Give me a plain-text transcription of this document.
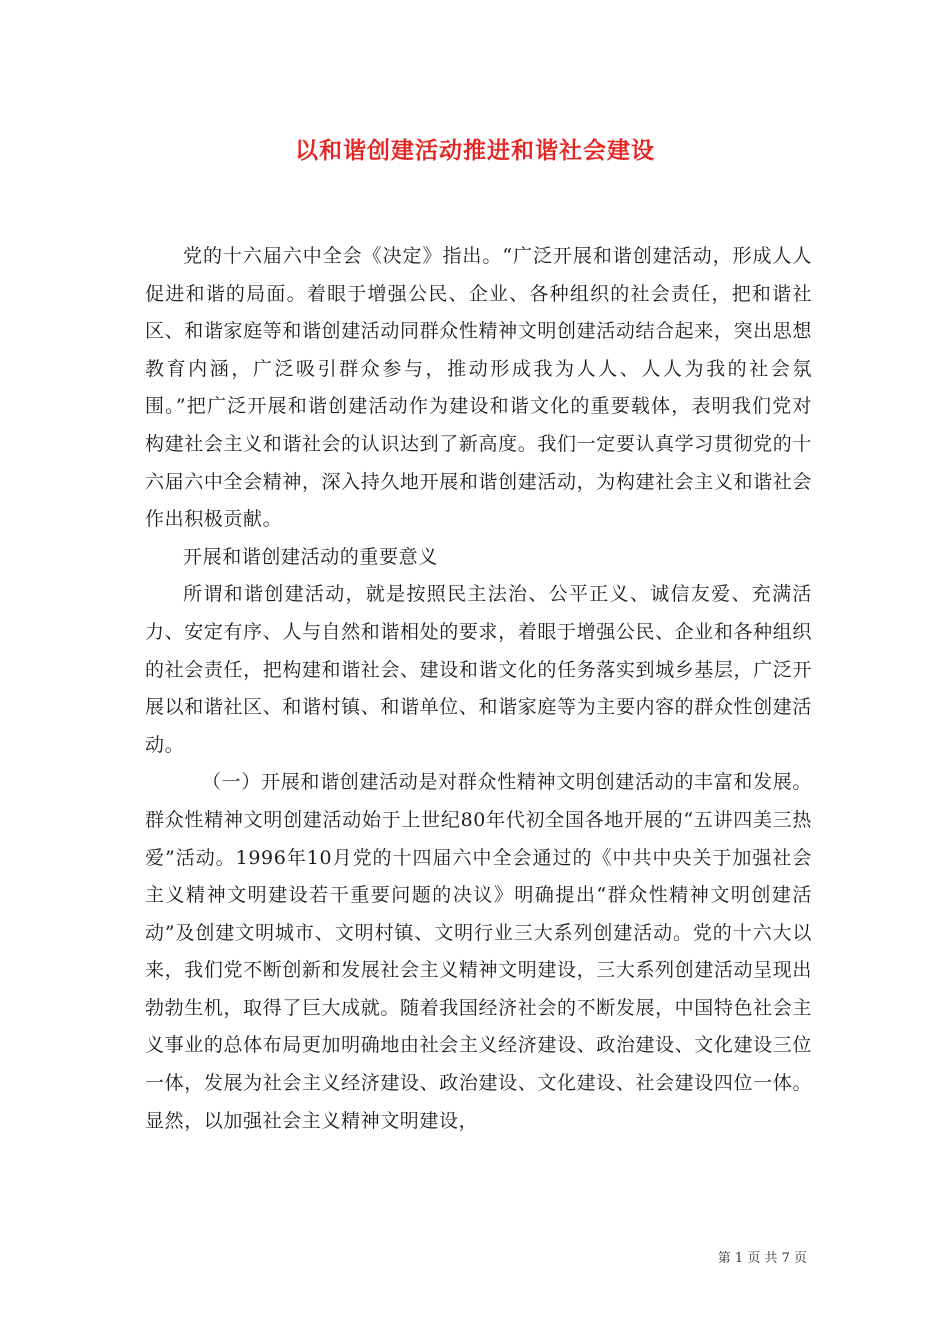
以和谐创建活动推进和谐社会建设

党的十六届六中全会《决定》指出。“广泛开展和谐创建活动，形成人人促进和谐的局面。着眼于增强公民、企业、各种组织的社会责任，把和谐社区、和谐家庭等和谐创建活动同群众性精神文明创建活动结合起来，突出思想教育内涵，广泛吸引群众参与，推动形成我为人人、人人为我的社会氛围。”把广泛开展和谐创建活动作为建设和谐文化的重要载体，表明我们党对构建社会主义和谐社会的认识达到了新高度。我们一定要认真学习贯彻党的十六届六中全会精神，深入持久地开展和谐创建活动，为构建社会主义和谐社会作出积极贡献。

开展和谐创建活动的重要意义

所谓和谐创建活动，就是按照民主法治、公平正义、诚信友爱、充满活力、安定有序、人与自然和谐相处的要求，着眼于增强公民、企业和各种组织的社会责任，把构建和谐社会、建设和谐文化的任务落实到城乡基层，广泛开展以和谐社区、和谐村镇、和谐单位、和谐家庭等为主要内容的群众性创建活动。

（一）开展和谐创建活动是对群众性精神文明创建活动的丰富和发展。群众性精神文明创建活动始于上世纪80年代初全国各地开展的“五讲四美三热爱”活动。1996年10月党的十四届六中全会通过的《中共中央关于加强社会主义精神文明建设若干重要问题的决议》明确提出“群众性精神文明创建活动”及创建文明城市、文明村镇、文明行业三大系列创建活动。党的十六大以来，我们党不断创新和发展社会主义精神文明建设，三大系列创建活动呈现出勃勃生机，取得了巨大成就。随着我国经济社会的不断发展，中国特色社会主义事业的总体布局更加明确地由社会主义经济建设、政治建设、文化建设三位一体，发展为社会主义经济建设、政治建设、文化建设、社会建设四位一体。显然，以加强社会主义精神文明建设，

第 1 页 共 7 页
